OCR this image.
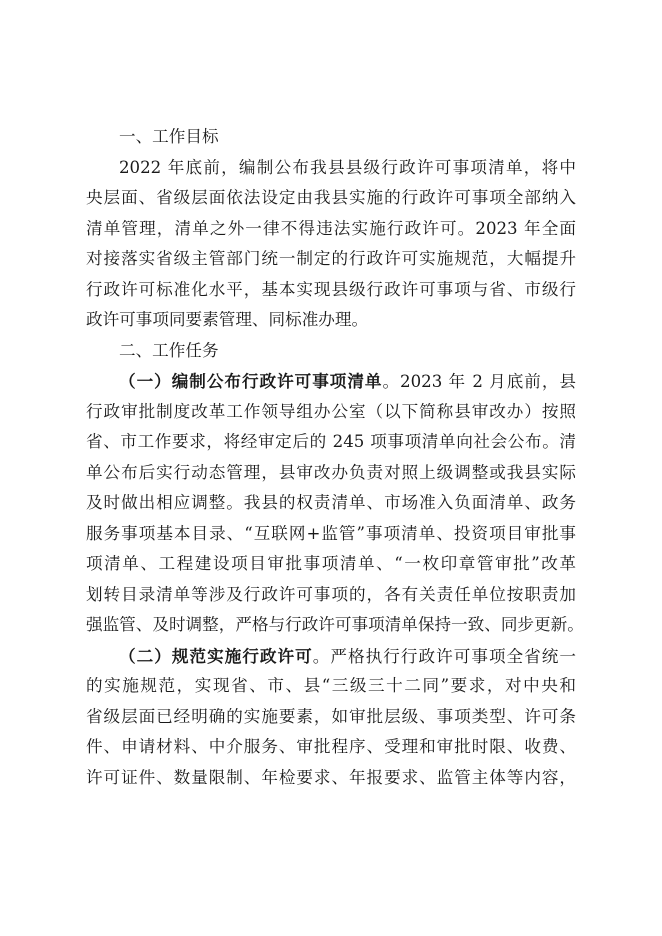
一、工作目标
2022 年底前，编制公布我县县级行政许可事项清单，将中
央层面、省级层面依法设定由我县实施的行政许可事项全部纳入
清单管理，清单之外一律不得违法实施行政许可。2023 年全面
对接落实省级主管部门统一制定的行政许可实施规范，大幅提升
行政许可标准化水平，基本实现县级行政许可事项与省、市级行
政许可事项同要素管理、同标准办理。
二、工作任务
（一）编制公布行政许可事项清单。2023 年 2 月底前，县
行政审批制度改革工作领导组办公室（以下简称县审改办）按照
省、市工作要求，将经审定后的 245 项事项清单向社会公布。清
单公布后实行动态管理，县审改办负责对照上级调整或我县实际
及时做出相应调整。我县的权责清单、市场准入负面清单、政务
服务事项基本目录、“互联网+监管”事项清单、投资项目审批事
项清单、工程建设项目审批事项清单、“一枚印章管审批”改革
划转目录清单等涉及行政许可事项的，各有关责任单位按职责加
强监管、及时调整，严格与行政许可事项清单保持一致、同步更新。
（二）规范实施行政许可。严格执行行政许可事项全省统一
的实施规范，实现省、市、县“三级三十二同”要求，对中央和
省级层面已经明确的实施要素，如审批层级、事项类型、许可条
件、申请材料、中介服务、审批程序、受理和审批时限、收费、
许可证件、数量限制、年检要求、年报要求、监管主体等内容，
